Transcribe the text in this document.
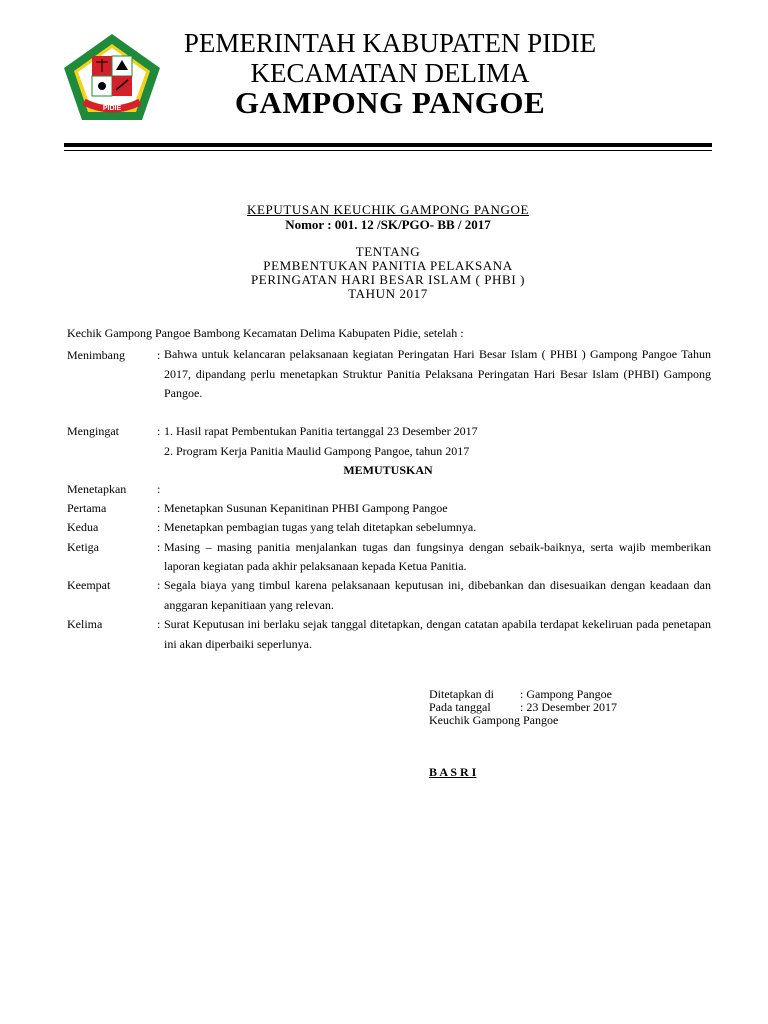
PIDIE
PEMERINTAH KABUPATEN PIDIE
KECAMATAN DELIMA
GAMPONG PANGOE
KEPUTUSAN KEUCHIK GAMPONG PANGOE
Nomor : 001. 12 /SK/PGO- BB / 2017
TENTANG
PEMBENTUKAN PANITIA PELAKSANA
PERINGATAN HARI BESAR ISLAM ( PHBI )
TAHUN 2017
Kechik Gampong Pangoe Bambong Kecamatan Delima Kabupaten Pidie, setelah :
Menimbang	: Bahwa untuk kelancaran pelaksanaan kegiatan Peringatan Hari Besar Islam ( PHBI ) Gampong Pangoe Tahun 2017, dipandang perlu menetapkan Struktur Panitia Pelaksana Peringatan Hari Besar Islam (PHBI) Gampong Pangoe.
Mengingat	: 1. Hasil rapat Pembentukan Panitia tertanggal 23 Desember 2017
2. Program Kerja Panitia Maulid Gampong Pangoe, tahun 2017
MEMUTUSKAN
Menetapkan	:
Pertama	: Menetapkan Susunan Kepanitinan PHBI Gampong Pangoe
Kedua	: Menetapkan pembagian tugas yang telah ditetapkan sebelumnya.
Ketiga	: Masing – masing panitia menjalankan tugas dan fungsinya dengan sebaik-baiknya, serta wajib memberikan laporan kegiatan pada akhir pelaksanaan kepada Ketua Panitia.
Keempat	: Segala biaya yang timbul karena pelaksanaan keputusan ini, dibebankan dan disesuaikan dengan keadaan dan anggaran kepanitiaan yang relevan.
Kelima	: Surat Keputusan ini berlaku sejak tanggal ditetapkan, dengan catatan apabila terdapat kekeliruan pada penetapan ini akan diperbaiki seperlunya.
Ditetapkan di : Gampong Pangoe
Pada tanggal : 23 Desember 2017
Keuchik Gampong Pangoe
B A S R I
